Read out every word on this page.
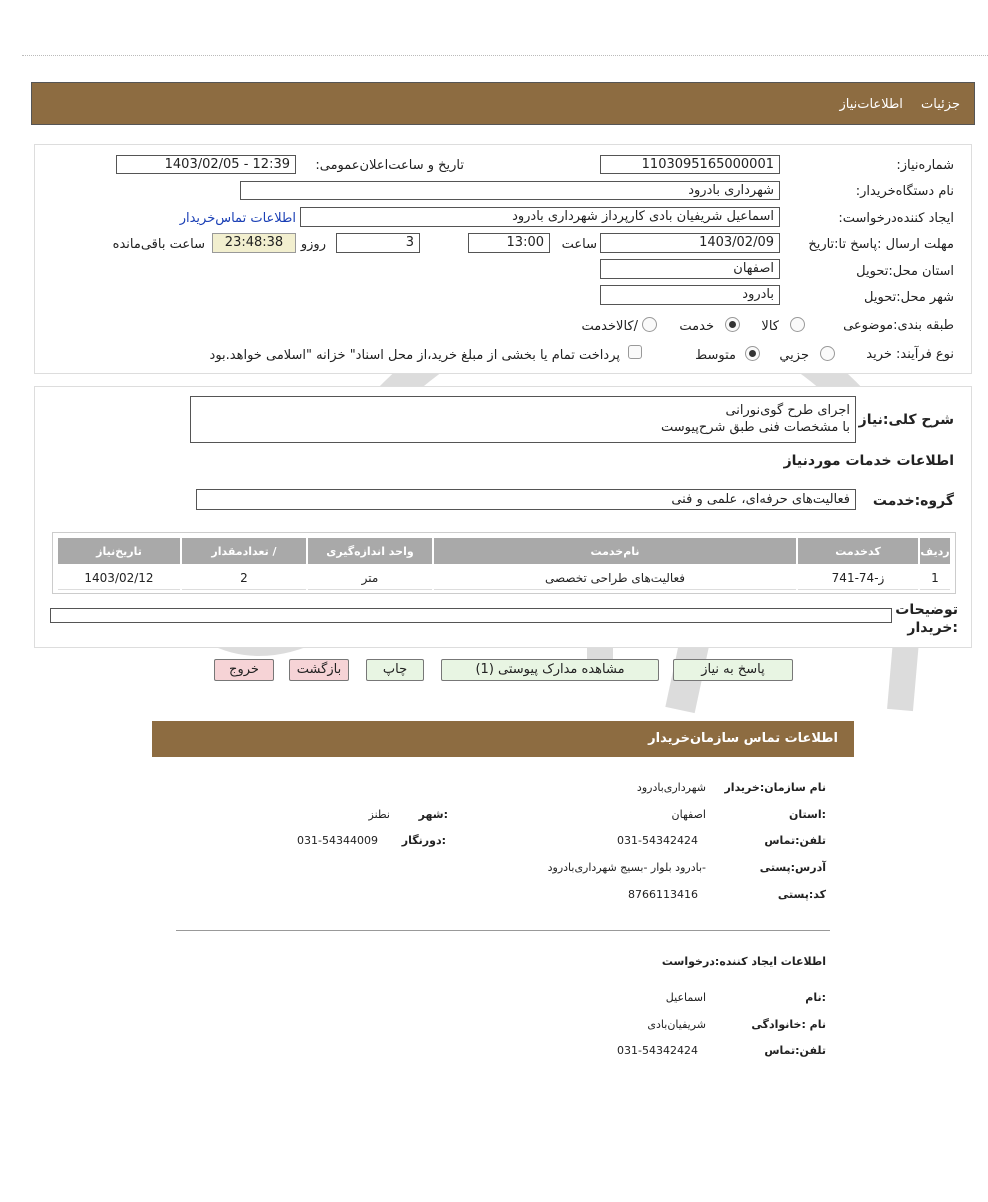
جزئیات اطلاعات‌نیاز
شماره‌نیاز:
1103095165000001
تاریخ و ساعت‌اعلان‌عمومی:
1403/02/05 - 12:39
نام دستگاه‌خریدار:
شهرداری بادرود
ایجاد کننده‌درخواست:
اسماعیل شریفیان بادی کارپرداز شهرداری بادرود
اطلاعات تماس‌خریدار
مهلت ارسال :پاسخ تا:تاریخ
1403/02/09
ساعت
13:00
3
روزو
23:48:38
ساعت باقی‌مانده
استان محل:تحویل
اصفهان
شهر محل:تحویل
بادرود
طبقه بندی:موضوعی
کالا
خدمت
/کالاخدمت
نوع فرآیند: خرید
جزیي
متوسط
پرداخت تمام یا بخشی از مبلغ خرید،از محل اسناد" خزانه "اسلامی خواهد.بود
شرح کلی:نیاز
اجرای طرح گوی‌نورانی
با مشخصات فنی طبق شرح‌پیوست
اطلاعات خدمات موردنیاز
گروه:خدمت
فعالیت‌های حرفه‌ای، علمی و فنی
ردیف	کدخدمت	نام‌خدمت	واحد اندازه‌گیری	/ تعدادمقدار	تاریخ‌نیاز
1	ز-74-741	فعالیت‌های طراحی تخصصی	متر	2	1403/02/12
توضیحات :خریدار
پاسخ به نیاز
مشاهده مدارک پیوستی (1)
چاپ
بازگشت
خروج
اطلاعات تماس سازمان‌خریدار
نام سازمان:خریدار
شهرداری‌بادرود
:استان
اصفهان
:شهر
نطنز
تلفن:تماس
031-54342424
:دورنگار
031-54344009
آدرس:پستی
-بادرود بلوار -بسیج شهرداری‌بادرود
کد:پستی
8766113416
اطلاعات ایجاد کننده:درخواست
:نام
اسماعیل
نام :خانوادگی
شریفیان‌بادی
تلفن:تماس
031-54342424
